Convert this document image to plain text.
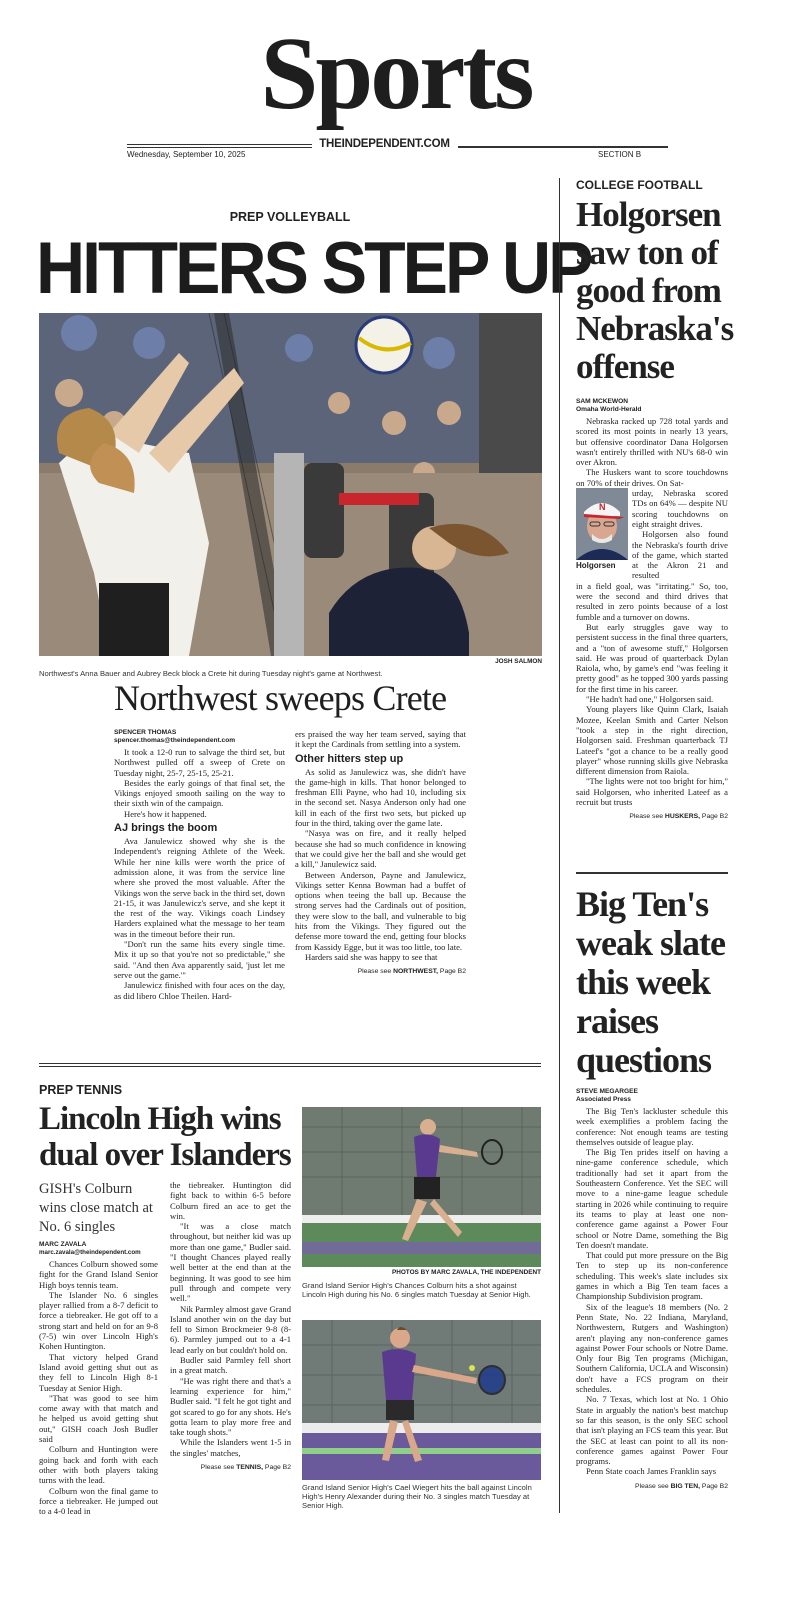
Sports
THEINDEPENDENT.COM
Wednesday, September 10, 2025	SECTION B
PREP VOLLEYBALL
HITTERS STEP UP
JOSH SALMON
Northwest's Anna Bauer and Aubrey Beck block a Crete hit during Tuesday night's game at Northwest.
Northwest sweeps Crete
SPENCER THOMAS
spencer.thomas@theindependent.com

It took a 12-0 run to salvage the third set, but Northwest pulled off a sweep of Crete on Tuesday night, 25-7, 25-15, 25-21.

Besides the early goings of that final set, the Vikings enjoyed smooth sailing on the way to their sixth win of the campaign.

Here's how it happened.

AJ brings the boom

Ava Janulewicz showed why she is the Independent's reigning Athlete of the Week. While her nine kills were worth the price of admission alone, it was from the service line where she proved the most valuable. After the Vikings won the serve back in the third set, down 21-15, it was Janulewicz's serve, and she kept it the rest of the way. Vikings coach Lindsey Harders explained what the message to her team was in the timeout before their run.

"Don't run the same hits every single time. Mix it up so that you're not so predictable," she said. "And then Ava apparently said, 'just let me serve out the game.'"

Janulewicz finished with four aces on the day, as did libero Chloe Theilen. Hard-

ers praised the way her team served, saying that it kept the Cardinals from settling into a system.

Other hitters step up

As solid as Janulewicz was, she didn't have the game-high in kills. That honor belonged to freshman Elli Payne, who had 10, including six in the second set. Nasya Anderson only had one kill in each of the first two sets, but picked up four in the third, taking over the game late.

"Nasya was on fire, and it really helped because she had so much confidence in knowing that we could give her the ball and she would get a kill," Janulewicz said.

Between Anderson, Payne and Janulewicz, Vikings setter Kenna Bowman had a buffet of options when teeing the ball up. Because the strong serves had the Cardinals out of position, they were slow to the ball, and vulnerable to big hits from the Vikings. They figured out the defense more toward the end, getting four blocks from Kassidy Egge, but it was too little, too late.

Harders said she was happy to see that

Please see NORTHWEST, Page B2
COLLEGE FOOTBALL
Holgorsen saw ton of good from Nebraska's offense
SAM MCKEWON
Omaha World-Herald

Nebraska racked up 728 total yards and scored its most points in nearly 13 years, but offensive coordinator Dana Holgorsen wasn't entirely thrilled with NU's 68-0 win over Akron.

The Huskers want to score touchdowns on 70% of their drives. On Sat-

N
Holgorsen

urday, Nebraska scored TDs on 64% — despite NU scoring touchdowns on eight straight drives.

Holgorsen also found the Nebraska's fourth drive of the game, which started at the Akron 21 and resulted

in a field goal, was "irritating." So, too, were the second and third drives that resulted in zero points because of a lost fumble and a turnover on downs.

But early struggles gave way to persistent success in the final three quarters, and a "ton of awesome stuff," Holgorsen said. He was proud of quarterback Dylan Raiola, who, by game's end "was feeling it pretty good" as he topped 300 yards passing for the first time in his career.

"He hadn't had one," Holgorsen said.

Young players like Quinn Clark, Isaiah Mozee, Keelan Smith and Carter Nelson "took a step in the right direction, Holgorsen said. Freshman quarterback TJ Lateef's "got a chance to be a really good player" whose running skills give Nebraska different dimension from Raiola.

"The lights were not too bright for him," said Holgorsen, who inherited Lateef as a recruit but trusts

Please see HUSKERS, Page B2
Big Ten's weak slate this week raises questions
STEVE MEGARGEE
Associated Press

The Big Ten's lackluster schedule this week exemplifies a problem facing the conference: Not enough teams are testing themselves outside of league play.

The Big Ten prides itself on having a nine-game conference schedule, which traditionally had set it apart from the Southeastern Conference. Yet the SEC will move to a nine-game league schedule starting in 2026 while continuing to require its teams to play at least one non-conference game against a Power Four school or Notre Dame, something the Big Ten doesn't mandate.

That could put more pressure on the Big Ten to step up its non-conference scheduling. This week's slate includes six games in which a Big Ten team faces a Championship Subdivision program.

Six of the league's 18 members (No. 2 Penn State, No. 22 Indiana, Maryland, Northwestern, Rutgers and Washington) aren't playing any non-conference games against Power Four schools or Notre Dame. Only four Big Ten programs (Michigan, Southern California, UCLA and Wisconsin) don't have a FCS program on their schedules.

No. 7 Texas, which lost at No. 1 Ohio State in arguably the nation's best matchup so far this season, is the only SEC school that isn't playing an FCS team this year. But the SEC at least can point to all its non-conference games against Power Four programs.

Penn State coach James Franklin says

Please see BIG TEN, Page B2
PREP TENNIS
Lincoln High wins dual over Islanders
GISH's Colburn wins close match at No. 6 singles
MARC ZAVALA
marc.zavala@theindependent.com

Chances Colburn showed some fight for the Grand Island Senior High boys tennis team.

The Islander No. 6 singles player rallied from a 8-7 deficit to force a tiebreaker. He got off to a strong start and held on for an 9-8 (7-5) win over Lincoln High's Kohen Huntington.

That victory helped Grand Island avoid getting shut out as they fell to Lincoln High 8-1 Tuesday at Senior High.

"That was good to see him come away with that match and he helped us avoid getting shut out," GISH coach Josh Budler said

Colburn and Huntington were going back and forth with each other with both players taking turns with the lead.

Colburn won the final game to force a tiebreaker. He jumped out to a 4-0 lead in

the tiebreaker. Huntington did fight back to within 6-5 before Colburn fired an ace to get the win.

"It was a close match throughout, but neither kid was up more than one game," Budler said. "I thought Chances played really well better at the end than at the beginning. It was good to see him pull through and compete very well."

Nik Parmley almost gave Grand Island another win on the day but fell to Simon Brockmeier 9-8 (8-6). Parmley jumped out to a 4-1 lead early on but couldn't hold on.

Budler said Parmley fell short in a great match.

"He was right there and that's a learning experience for him," Budler said. "I felt he got tight and got scared to go for any shots. He's gotta learn to play more free and take tough shots."

While the Islanders went 1-5 in the singles' matches,

Please see TENNIS, Page B2
PHOTOS BY MARC ZAVALA, THE INDEPENDENT
Grand Island Senior High's Chances Colburn hits a shot against Lincoln High during his No. 6 singles match Tuesday at Senior High.
Grand Island Senior High's Cael Wiegert hits the ball against Lincoln High's Henry Alexander during their No. 3 singles match Tuesday at Senior High.
